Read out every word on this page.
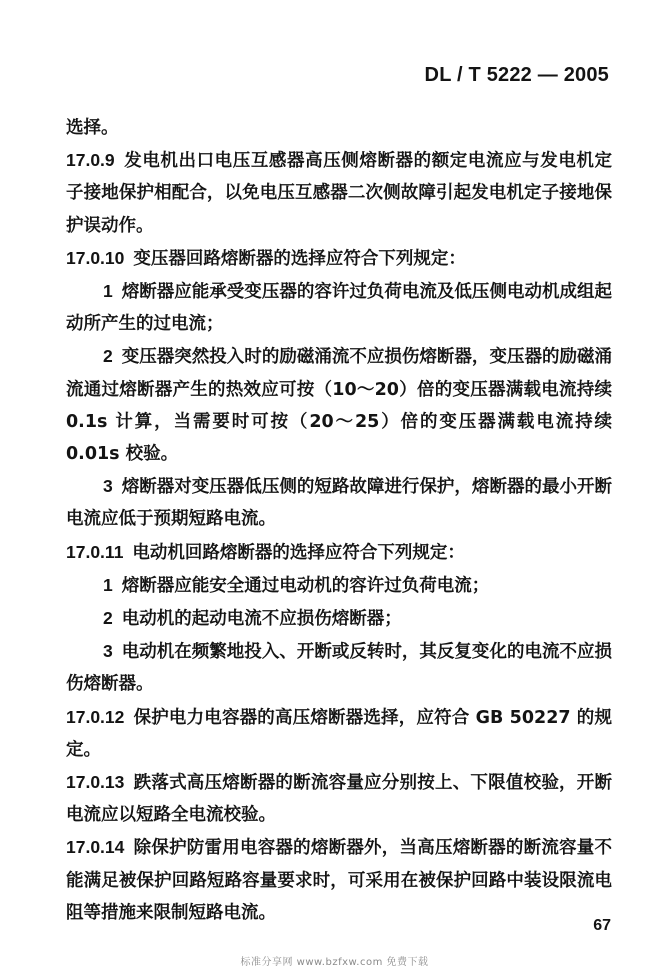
DL / T 5222 — 2005

选择。

17.0.9 发电机出口电压互感器高压侧熔断器的额定电流应与发电机定子接地保护相配合，以免电压互感器二次侧故障引起发电机定子接地保护误动作。

17.0.10 变压器回路熔断器的选择应符合下列规定：

1 熔断器应能承受变压器的容许过负荷电流及低压侧电动机成组起动所产生的过电流；

2 变压器突然投入时的励磁涌流不应损伤熔断器，变压器的励磁涌流通过熔断器产生的热效应可按（10～20）倍的变压器满载电流持续 0.1s 计算，当需要时可按（20～25）倍的变压器满载电流持续 0.01s 校验。

3 熔断器对变压器低压侧的短路故障进行保护，熔断器的最小开断电流应低于预期短路电流。

17.0.11 电动机回路熔断器的选择应符合下列规定：

1 熔断器应能安全通过电动机的容许过负荷电流；

2 电动机的起动电流不应损伤熔断器；

3 电动机在频繁地投入、开断或反转时，其反复变化的电流不应损伤熔断器。

17.0.12 保护电力电容器的高压熔断器选择，应符合 GB 50227 的规定。

17.0.13 跌落式高压熔断器的断流容量应分别按上、下限值校验，开断电流应以短路全电流校验。

17.0.14 除保护防雷用电容器的熔断器外，当高压熔断器的断流容量不能满足被保护回路短路容量要求时，可采用在被保护回路中装设限流电阻等措施来限制短路电流。

67

标准分享网 www.bzfxw.com 免费下载
